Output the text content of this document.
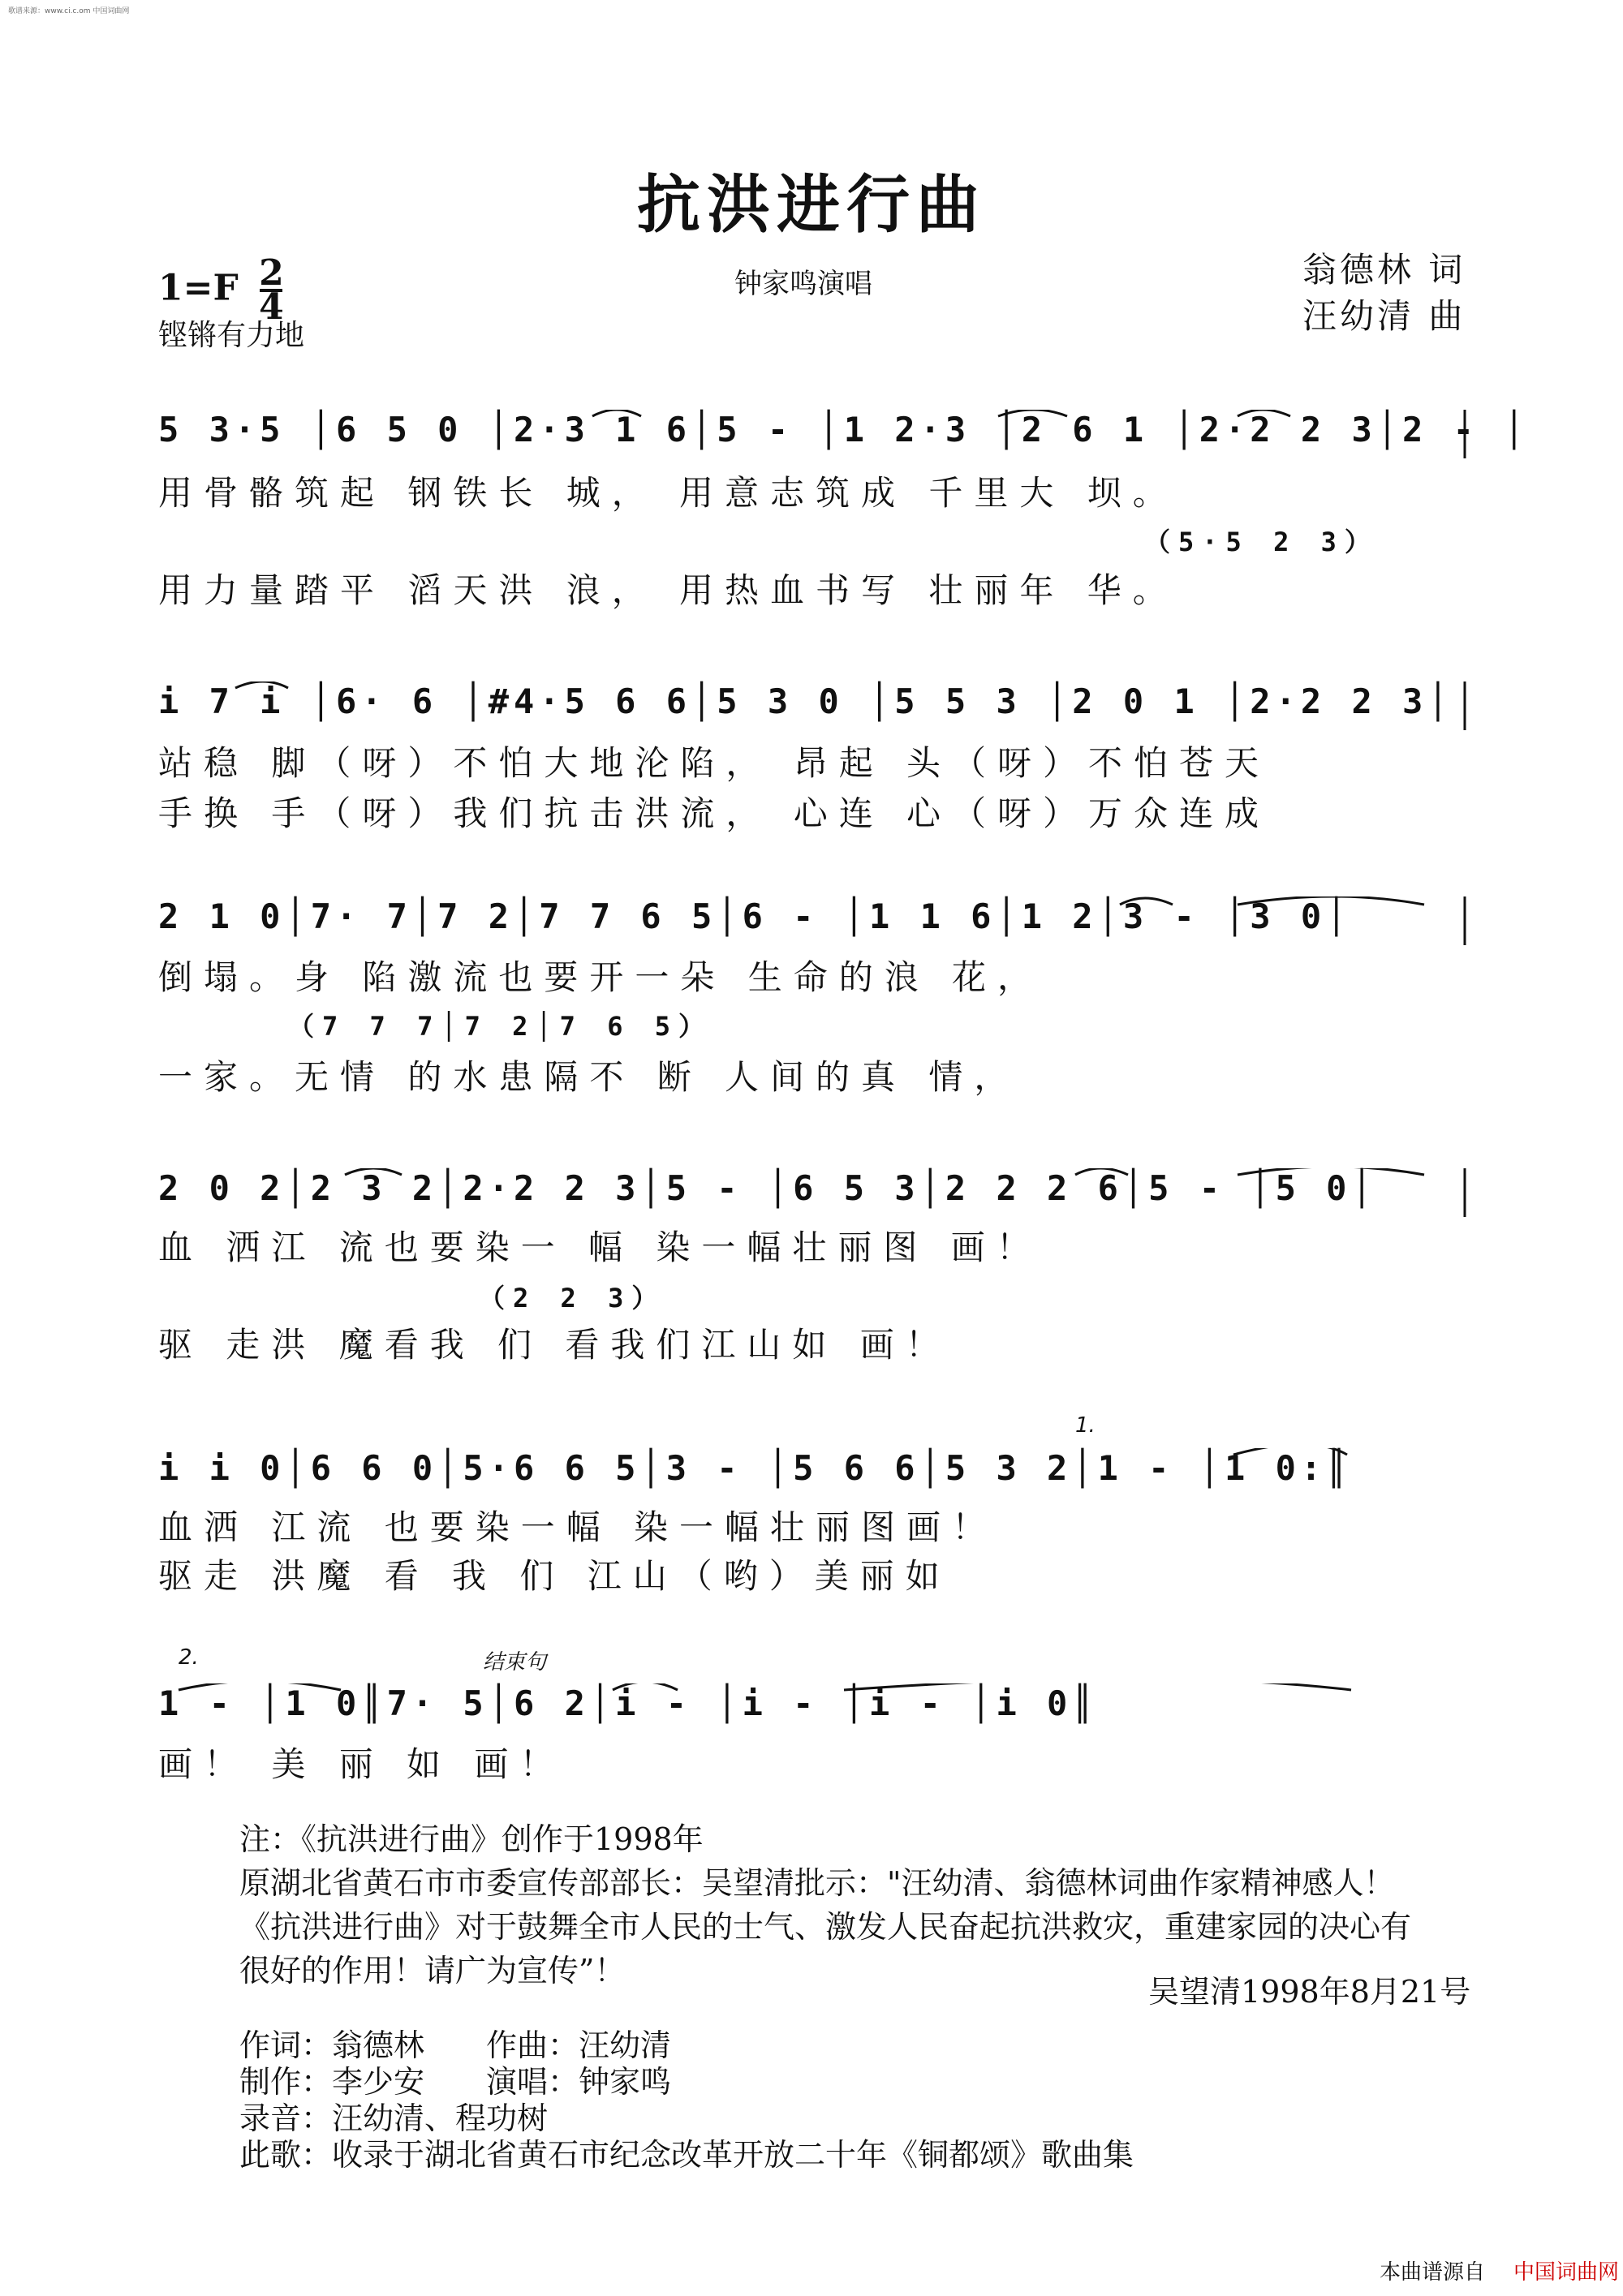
歌谱来源：www.ci.c.om 中国词曲网
抗洪进行曲
$1=F \frac{2}{4}$
铿锵有力地
钟家鸣演唱	翁德林 词
汪幼清 曲
5 3·5 │6 5 0 │2·3 1 6│5 - │1 2·3 │2 6 1 │2·2 2 3│2 - │
用骨骼筑起 钢铁长 城， 用意志筑成 千里大 坝。
（5·5 2 3）
用力量踏平 滔天洪 浪， 用热血书写 壮丽年 华。
i 7 i │6· 6 │#4·5 6 6│5 3 0 │5 5 3 │2 0 1 │2·2 2 3│
站稳 脚（呀）不怕大地沦陷， 昂起 头（呀）不怕苍天
手换 手（呀）我们抗击洪流， 心连 心（呀）万众连成
2 1 0│7· 7│7 2│7 7 6 5│6 - │1 1 6│1 2│3 - │3 0│
倒塌。身 陷激流也要开一朵 生命的浪 花，
（7 7 7│7 2│7 6 5）
一家。无情 的水患隔不 断 人间的真 情，
2 0 2│2 3 2│2·2 2 3│5 - │6 5 3│2 2 2 6│5 - │5 0│
血 洒江 流也要染一 幅 染一幅壮丽图 画！
（2 2 3）
驱 走洪 魔看我 们 看我们江山如 画！
i i 0│6 6 0│5·6 6 5│3 - │5 6 6│5 3 2│1 - │1 0:║
1.
血洒 江流 也要染一幅 染一幅壮丽图画！
驱走 洪魔 看 我 们 江山（哟）美丽如
1 - │1 0║7· 5│6 2│i - │i - │i - │i 0║
2.	结束句
画！ 美 丽 如 画！
注：《抗洪进行曲》创作于1998年
原湖北省黄石市市委宣传部部长：吴望清批示："汪幼清、翁德林词曲作家精神感人！
《抗洪进行曲》对于鼓舞全市人民的士气、激发人民奋起抗洪救灾，重建家园的决心有
很好的作用！请广为宣传”！
吴望清1998年8月21号
作词：翁德林　　作曲：汪幼清
制作：李少安　　演唱：钟家鸣
录音：汪幼清、程功树
此歌：收录于湖北省黄石市纪念改革开放二十年《铜都颂》歌曲集
本曲谱源自 中国词曲网
